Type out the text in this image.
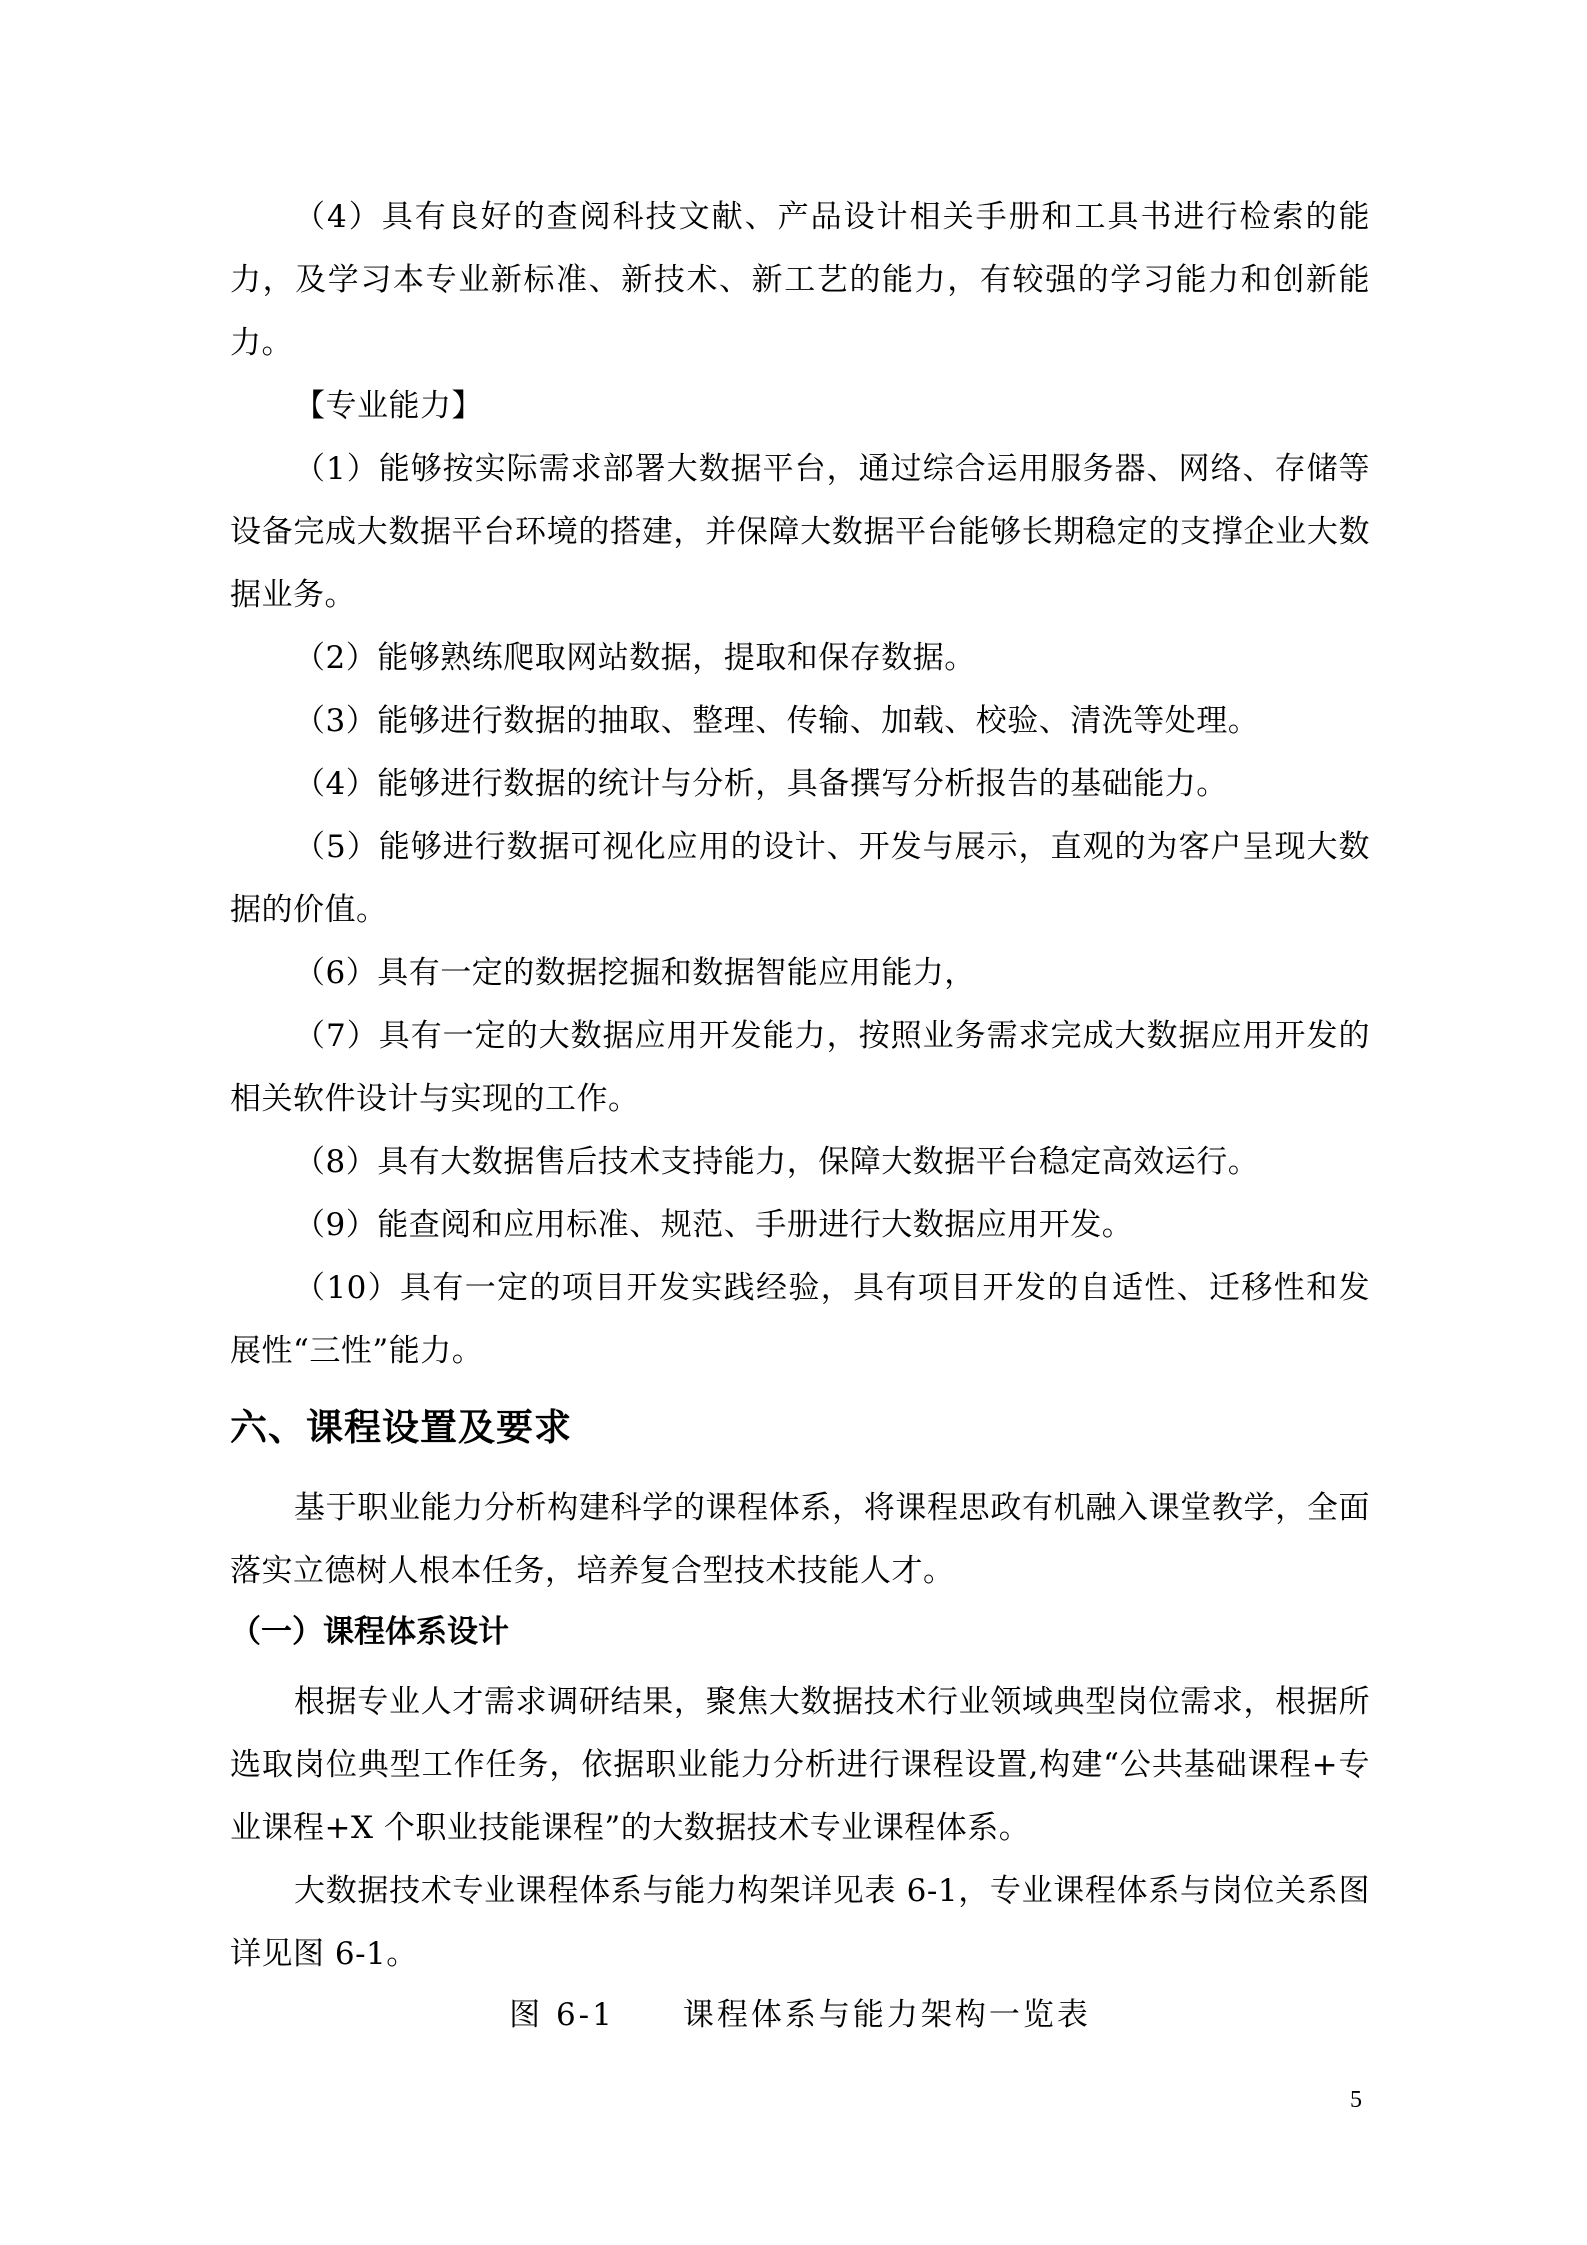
（4）具有良好的查阅科技文献、产品设计相关手册和工具书进行检索的能力，及学习本专业新标准、新技术、新工艺的能力，有较强的学习能力和创新能力。

【专业能力】

（1）能够按实际需求部署大数据平台，通过综合运用服务器、网络、存储等设备完成大数据平台环境的搭建，并保障大数据平台能够长期稳定的支撑企业大数据业务。

（2）能够熟练爬取网站数据，提取和保存数据。

（3）能够进行数据的抽取、整理、传输、加载、校验、清洗等处理。

（4）能够进行数据的统计与分析，具备撰写分析报告的基础能力。

（5）能够进行数据可视化应用的设计、开发与展示，直观的为客户呈现大数据的价值。

（6）具有一定的数据挖掘和数据智能应用能力，

（7）具有一定的大数据应用开发能力，按照业务需求完成大数据应用开发的相关软件设计与实现的工作。

（8）具有大数据售后技术支持能力，保障大数据平台稳定高效运行。

（9）能查阅和应用标准、规范、手册进行大数据应用开发。

（10）具有一定的项目开发实践经验，具有项目开发的自适性、迁移性和发展性“三性”能力。

六、课程设置及要求

基于职业能力分析构建科学的课程体系，将课程思政有机融入课堂教学，全面落实立德树人根本任务，培养复合型技术技能人才。

（一）课程体系设计

根据专业人才需求调研结果，聚焦大数据技术行业领域典型岗位需求，根据所选取岗位典型工作任务，依据职业能力分析进行课程设置,构建“公共基础课程+专业课程+X 个职业技能课程”的大数据技术专业课程体系。

大数据技术专业课程体系与能力构架详见表 6-1，专业课程体系与岗位关系图详见图 6-1。

图 6-1　　课程体系与能力架构一览表

5
